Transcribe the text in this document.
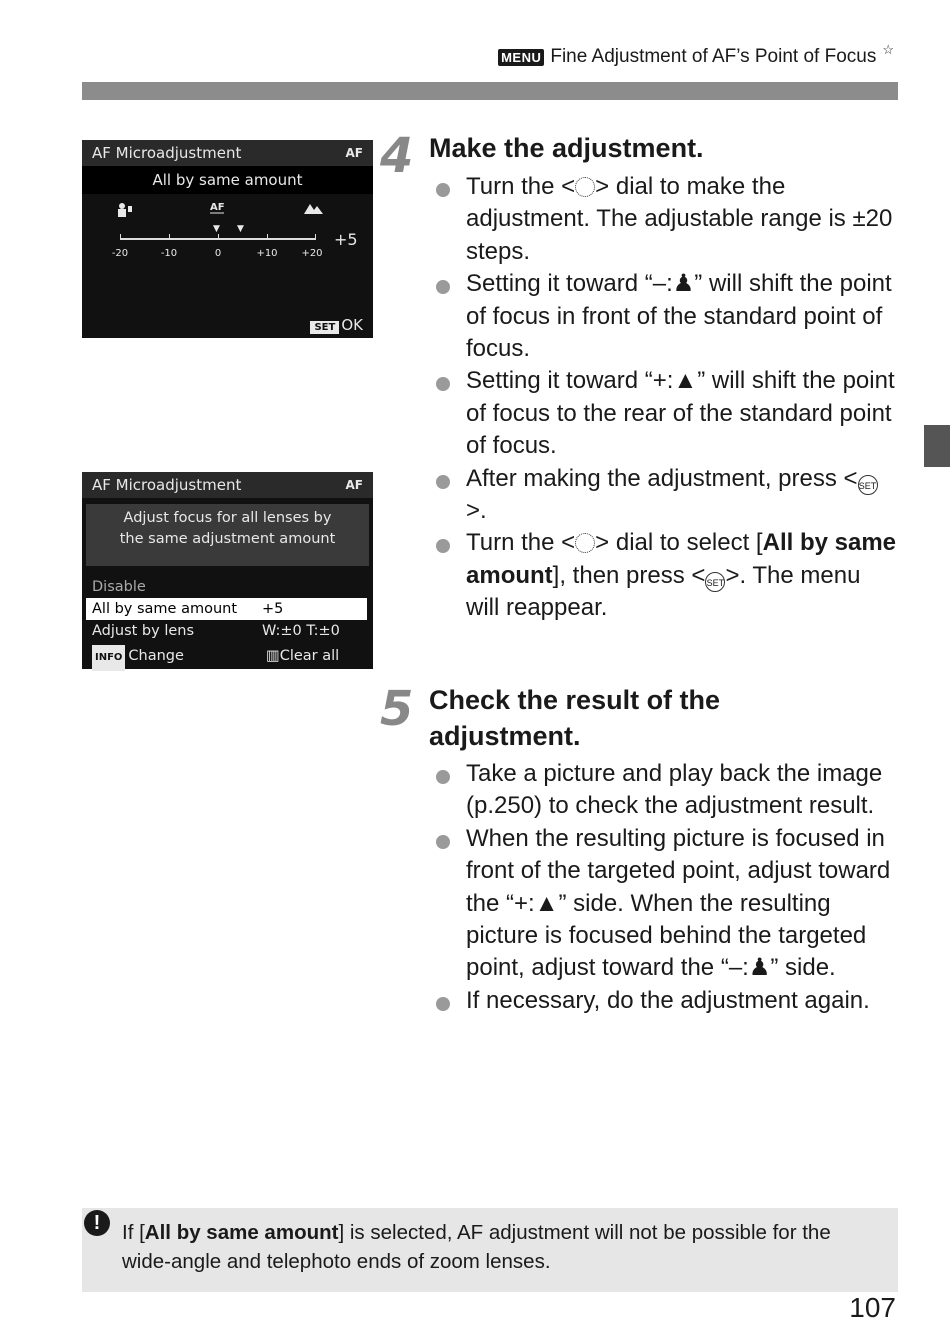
MENU Fine Adjustment of AF’s Point of Focus ☆
AF Microadjustment	AF
All by same amount
AF
▼ ▼
-20	-10	0	+10 +20
+5
SET OK
AF Microadjustment	AF
Adjust focus for all lenses by
the same adjustment amount
Disable
All by same amount +5
Adjust by lens	W:±0 T:±0
INFO Change	▥Clear all
4 Make the adjustment.
Turn the < > dial to make the adjustment. The adjustable range is ±20 steps.
Setting it toward “–:♟” will shift the point of focus in front of the standard point of focus.
Setting it toward “+:▲” will shift the point of focus to the rear of the standard point of focus.
After making the adjustment, press <SET>.
Turn the < > dial to select [All by same amount], then press <SET>. The menu will reappear.
5 Check the result of the adjustment.
Take a picture and play back the image (p.250) to check the adjustment result.
When the resulting picture is focused in front of the targeted point, adjust toward the “+:▲” side. When the resulting picture is focused behind the targeted point, adjust toward the “–:♟” side.
If necessary, do the adjustment again.
!	If [All by same amount] is selected, AF adjustment will not be possible for the wide-angle and telephoto ends of zoom lenses.
107
